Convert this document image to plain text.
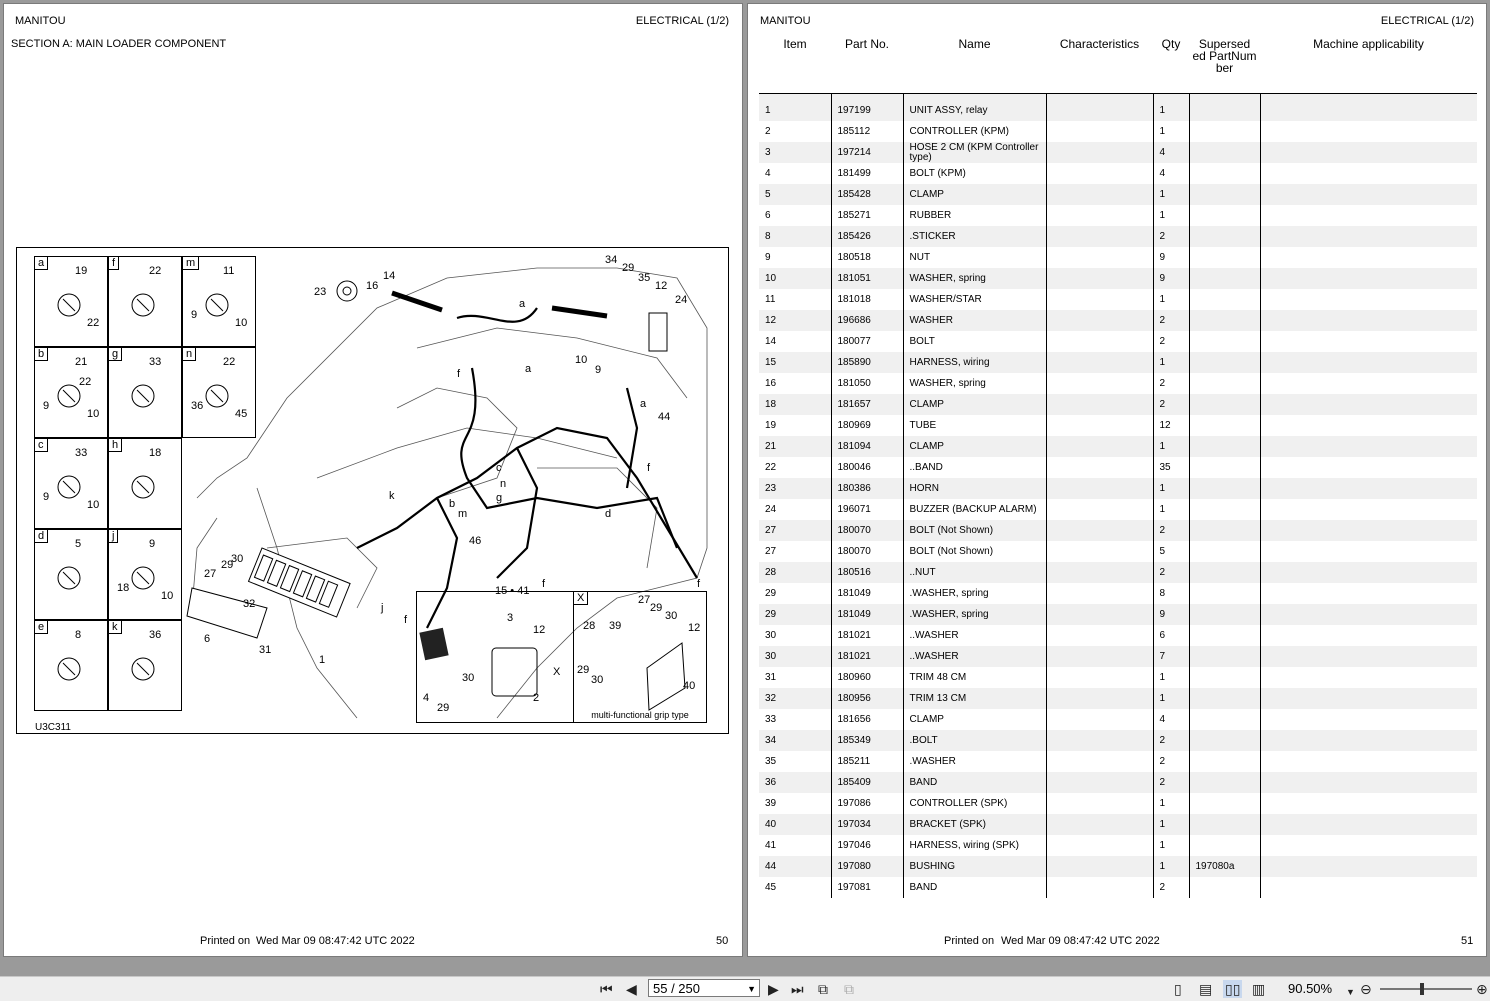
MANITOU	ELECTRICAL (1/2)
SECTION A: MAIN LOADER COMPONENT
a
19
22
f
22
m
11
10
9
b
21
10
9
22
g
33
n
22
45
36
c
33
10
9
h
18
d
5
j
9
10
18
e
8
k
36
23	16
14
34
29
35
12
24
10
9
44
46
15 • 41
30
29
27
32
6
31
1
3
12
X
2
30
4
29
27
29
30
12
28 39
29
30	40
a
a
a
f
c
n
g
k
b
m	d
j
f
f
f
f
X
multi-functional grip type
U3C311
Printed on Wed Mar 09 08:47:42 UTC 2022	50
MANITOU	ELECTRICAL (1/2)
Item	Part No.	Name	Characteristics	Qty	Supersed ed PartNum ber	Machine applicability
1	197199	UNIT ASSY, relay		1		
2	185112	CONTROLLER (KPM)		1		
3	197214	HOSE 2 CM (KPM Controller type)		4		
4	181499	BOLT (KPM)		4		
5	185428	CLAMP		1		
6	185271	RUBBER		1		
8	185426	.STICKER		2		
9	180518	NUT		9		
10	181051	WASHER, spring		9		
11	181018	WASHER/STAR		1		
12	196686	WASHER		2		
14	180077	BOLT		2		
15	185890	HARNESS, wiring		1		
16	181050	WASHER, spring		2		
18	181657	CLAMP		2		
19	180969	TUBE		12		
21	181094	CLAMP		1		
22	180046	..BAND		35		
23	180386	HORN		1		
24	196071	BUZZER (BACKUP ALARM)		1		
27	180070	BOLT (Not Shown)		2		
27	180070	BOLT (Not Shown)		5		
28	180516	..NUT		2		
29	181049	.WASHER, spring		8		
29	181049	.WASHER, spring		9		
30	181021	..WASHER		6		
30	181021	..WASHER		7		
31	180960	TRIM 48 CM		1		
32	180956	TRIM 13 CM		1		
33	181656	CLAMP		4		
34	185349	.BOLT		2		
35	185211	.WASHER		2		
36	185409	BAND		2		
39	197086	CONTROLLER (SPK)		1		
40	197034	BRACKET (SPK)		1		
41	197046	HARNESS, wiring (SPK)		1		
44	197080	BUSHING		1	197080a	
45	197081	BAND		2		
Printed on Wed Mar 09 08:47:42 UTC 2022	51
⏮ ◀	55 / 250	▼ ▶ ⏭ ⧉ ⧉	▯ ▤ ▯▯ ▥ 90.50% ▼ ⊖	⊕
